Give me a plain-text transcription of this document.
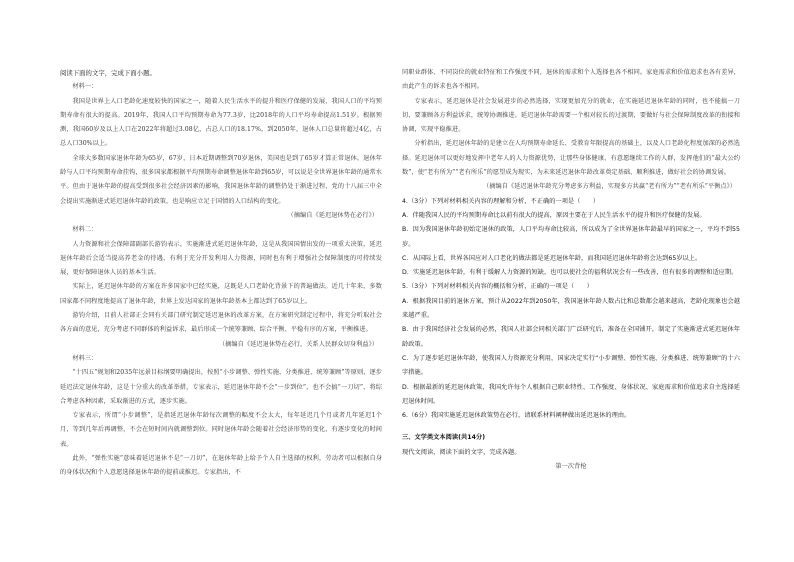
阅读下面的文字，完成下面小题。

材料一：

我国是世界上人口老龄化速度较快的国家之一，随着人民生活水平的提升和医疗保健的发展，我国人口的平均预期寿命有很大的提高。2019年，我国人口平均预期寿命为77.3岁，比2018年的人口平均寿命提高1.51岁。根据预测，我国60岁及以上人口在2022年将超过3.08亿，占总人口的18.17%，到2050年，退休人口总量将超过4亿，占总人口30%以上。

全球大多数国家退休年龄为65岁，67岁，日本近期调整到70岁退休，美国也是到了65岁才算正常退休。退休年龄与人口平均预期寿命挂钩，很多国家都根据平均预期寿命调整退休年龄到65岁，可以说是全世界退休年龄的通常水平。但由于退休年龄的提高受到很多社会经济因素的影响，我国退休年龄的调整仍处于渐进过程，党的十八届三中全会提出实施渐进式延迟退休年龄的政策，也是响应立足于国情的人口结构的变化。

（摘编自《延迟退休势在必行》）

材料二：

人力资源和社会保障部副部长游钧表示，实施渐进式延迟退休年龄，这是从我国国情出发的一项重大决策，延迟退休年龄后会适当提高养老金的待遇，有利于充分开发利用人力资源，同时也有利于增强社会保障制度的可持续发展，更好保障退休人员的基本生活。

实际上，延迟退休年龄的方案在许多国家中已经实施，这既是人口老龄化背景下的普遍做法。近几十年来，多数国家都不同程度地提高了退休年龄，世界上发达国家的退休年龄基本上都达到了65岁以上。

游钧介绍，目前人社部正会同有关部门研究制定延迟退休的改革方案，在方案研究制定过程中，将充分听取社会各方面的意见，充分考虑不同群体的利益诉求，最后形成一个统筹兼顾、综合平衡、平稳有序的方案，平衡推进。

（摘编自《延迟退休势在必行，关系人民群众切身利益》）

材料三：

“十四五”规划和2035年远景目标纲要明确提出，按照“小步调整、弹性实施、分类推进、统筹兼顾”等原则，逐步延迟法定退休年龄，这是十分重大的改革举措，专家表示，延迟退休年龄不会“一步到位”，也不会搞“一刀切”，将综合考虑各种因素，采取渐进的方式，逐步实施。

专家表示，所谓“小步调整”，是指延迟退休年龄每次调整的幅度不会太大，每年延迟几个月或者几年延迟1个月，等到几年后再调整，不会在短时间内就调整到位。同时退休年龄会随着社会经济形势的变化，有逐步变化的时间表。

此外，“弹性实施”意味着延迟退休不是“一刀切”，在退休年龄上给予个人自主选择的权利，劳动者可以根据自身的身体状况和个人意愿选择退休年龄的提前或推迟。专家指出，不

同职业群体、不同岗位的就业特征和工作强度不同，退休的需求和个人选择也各不相同。家庭需求和价值追求也各有差异，由此产生的诉求也各不相同。

专家表示，延迟退休是社会发展进步的必然选择，实现更加充分的就业，在实施延迟退休年龄的同时，也不能搞一刀切，要兼顾各方利益诉求，统筹协调推进。延迟退休年龄需要一个相对较长的过渡期，要做好与社会保障制度改革的衔接和协调，实现平稳推进。

分析指出，延迟退休年龄的是建立在人均预期寿命延长、受教育年限提高的基础上，以及人口老龄化程度加深的必然选择。延迟退休可以更好地发挥中老年人的人力资源优势，让那些身体健康、有意愿继续工作的人群，发挥他们的“最大公约数”，使“老有所为”“老有所乐”的愿望成为现实，为未来延迟退休年龄改革奠定基础、顺利推进，做好社会的协调发展。

（摘编自《延迟退休年龄充分考虑多方利益，实现多方共赢“老有所为”“老有所乐”平衡点》）

4.（3分）下列对材料相关内容的理解和分析，不正确的一项是（　　）

A．伴随我国人民的平均预期寿命比以前有很大的提高，原因主要在于人民生活水平的提升和医疗保健的发展。

B．因为我国退休年龄初始定退休的政策，人口平均寿命比较高，所以成为了全世界退休年龄最早的国家之一，平均不到55岁。

C．从国际上看，世界各国应对人口老化的做法都是延迟退休年龄，而我国延迟退休年龄将会达到65岁以上。

D．实施延迟退休年龄，有利于缓解人力资源的短缺，也可以使社会的福利状况会有一些改善，但有很多的调整和适应期。

5.（3分）下列对材料相关内容的概括和分析，正确的一项是（　　）

A．根据我国目前的退休方案，预计从2022年到2050年，我国退休年龄人数占比和总数都会越来越高，老龄化现象也会越来越严重。

B．由于我国经济社会发展的必然，我国人社部会同相关部门广泛研究后，准备在全国铺开，制定了实施渐进式延迟退休年龄政策。

C．为了逐步延迟退休年龄，使我国人力资源充分利用，国家决定实行“小步调整、弹性实施、分类推进、统筹兼顾”的十六字措施。

D．根据最新的延迟退休政策，我国允许每个人根据自己职业特性、工作强度、身体状况、家庭需求和价值追求自主选择延迟退休时间。

6.（6分）我国实施延迟退休政策势在必行，请联系材料阐释做出延迟退休的理由。

三、文学类文本阅读(共14分)

现代文阅读，阅读下面的文字，完成各题。

第一次背枪
